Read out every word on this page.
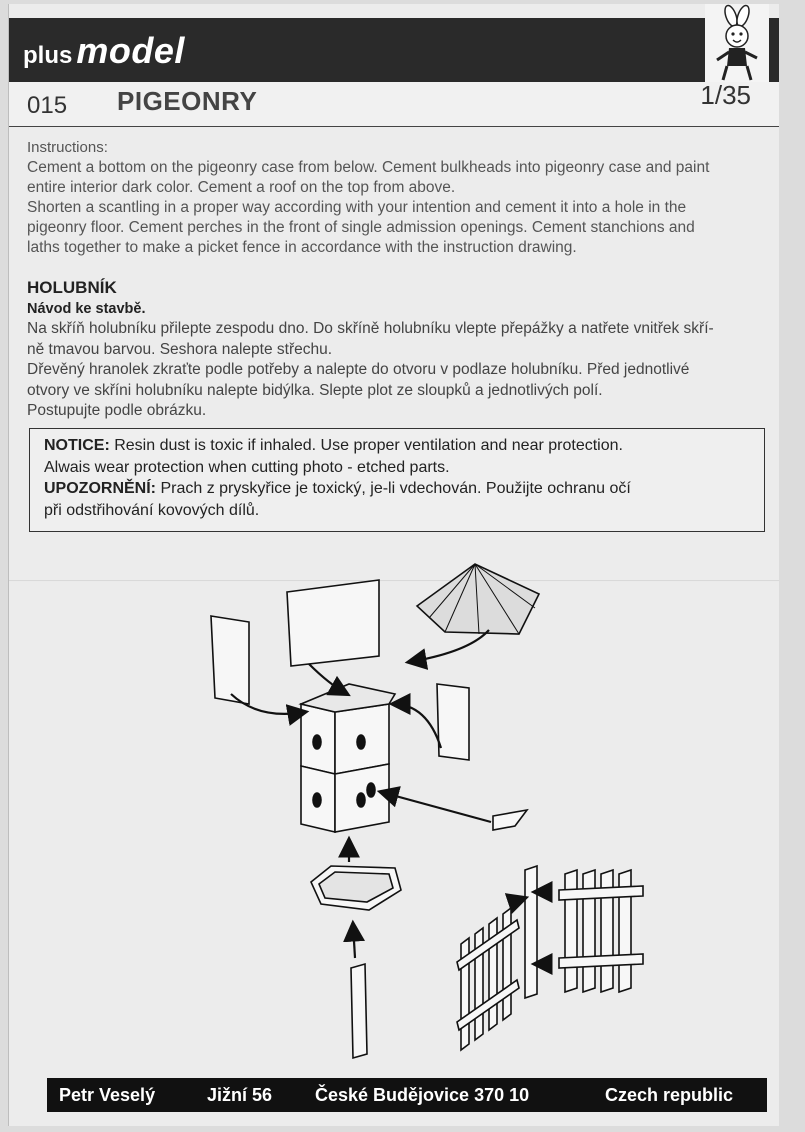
plus model
015 PIGEONRY	1/35

Instructions:

Cement a bottom on the pigeonry case from below. Cement bulkheads into pigeonry case and paint

entire interior dark color. Cement a roof on the top from above.

Shorten a scantling in a proper way according with your intention and cement it into a hole in the

pigeonry floor. Cement perches in the front of single admission openings. Cement stanchions and

laths together to make a picket fence in accordance with the instruction drawing.

HOLUBNÍK

Návod ke stavbě.

Na skříň holubníku přilepte zespodu dno. Do skříně holubníku vlepte přepážky a natřete vnitřek skří-

ně tmavou barvou. Seshora nalepte střechu.

Dřevěný hranolek zkraťte podle potřeby a nalepte do otvoru v podlaze holubníku. Před jednotlivé

otvory ve skříni holubníku nalepte bidýlka. Slepte plot ze sloupků a jednotlivých polí.

Postupujte podle obrázku.

NOTICE: Resin dust is toxic if inhaled. Use proper ventilation and near protection.

Alwais wear protection when cutting photo - etched parts.

UPOZORNĚNÍ: Prach z pryskyřice je toxický, je-li vdechován. Použijte ochranu očí

při odstřihování kovových dílů.

Petr Veselý	Jižní 56 České Budějovice 370 10	Czech republic
